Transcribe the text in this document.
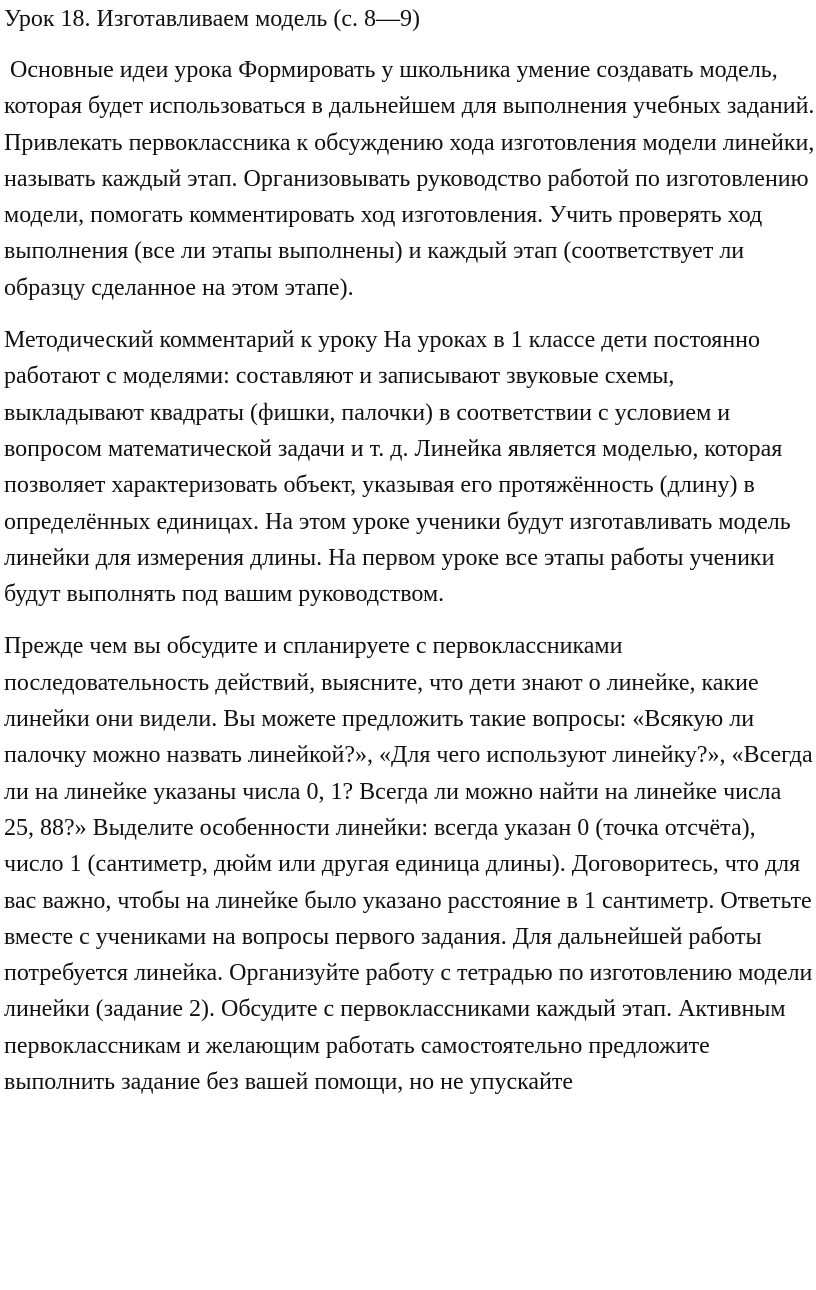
Урок 18. Изготавливаем модель (с. 8—9)

Основные идеи урока Формировать у школьника умение создавать модель, которая будет использоваться в дальнейшем для выполнения учебных заданий. Привлекать первоклассника к обсуждению хода изготовления модели линейки, называть каждый этап. Организовывать руководство работой по изготовлению модели, помогать комментировать ход изготовления. Учить проверять ход выполнения (все ли этапы выполнены) и каждый этап (соответствует ли образцу сделанное на этом этапе).

Методический комментарий к уроку На уроках в 1 классе дети постоянно работают с моделями: составляют и записывают звуковые схемы, выкладывают квадраты (фишки, палочки) в соответствии с условием и вопросом математической задачи и т. д. Линейка является моделью, которая позволяет характеризовать объект, указывая его протяжённость (длину) в определённых единицах. На этом уроке ученики будут изготавливать модель линейки для измерения длины. На первом уроке все этапы работы ученики будут выполнять под вашим руководством.

Прежде чем вы обсудите и спланируете с первоклассниками последовательность действий, выясните, что дети знают о линейке, какие линейки они видели. Вы можете предложить такие вопросы: «Всякую ли палочку можно назвать линейкой?», «Для чего используют линейку?», «Всегда ли на линейке указаны числа 0, 1? Всегда ли можно найти на линейке числа 25, 88?» Выделите особенности линейки: всегда указан 0 (точка отсчёта), число 1 (сантиметр, дюйм или другая единица длины). Договоритесь, что для вас важно, чтобы на линейке было указано расстояние в 1 сантиметр. Ответьте вместе с учениками на вопросы первого задания. Для дальнейшей работы потребуется линейка. Организуйте работу с тетрадью по изготовлению модели линейки (задание 2). Обсудите с первоклассниками каждый этап. Активным первоклассникам и желающим работать самостоятельно предложите выполнить задание без вашей помощи, но не упускайте
